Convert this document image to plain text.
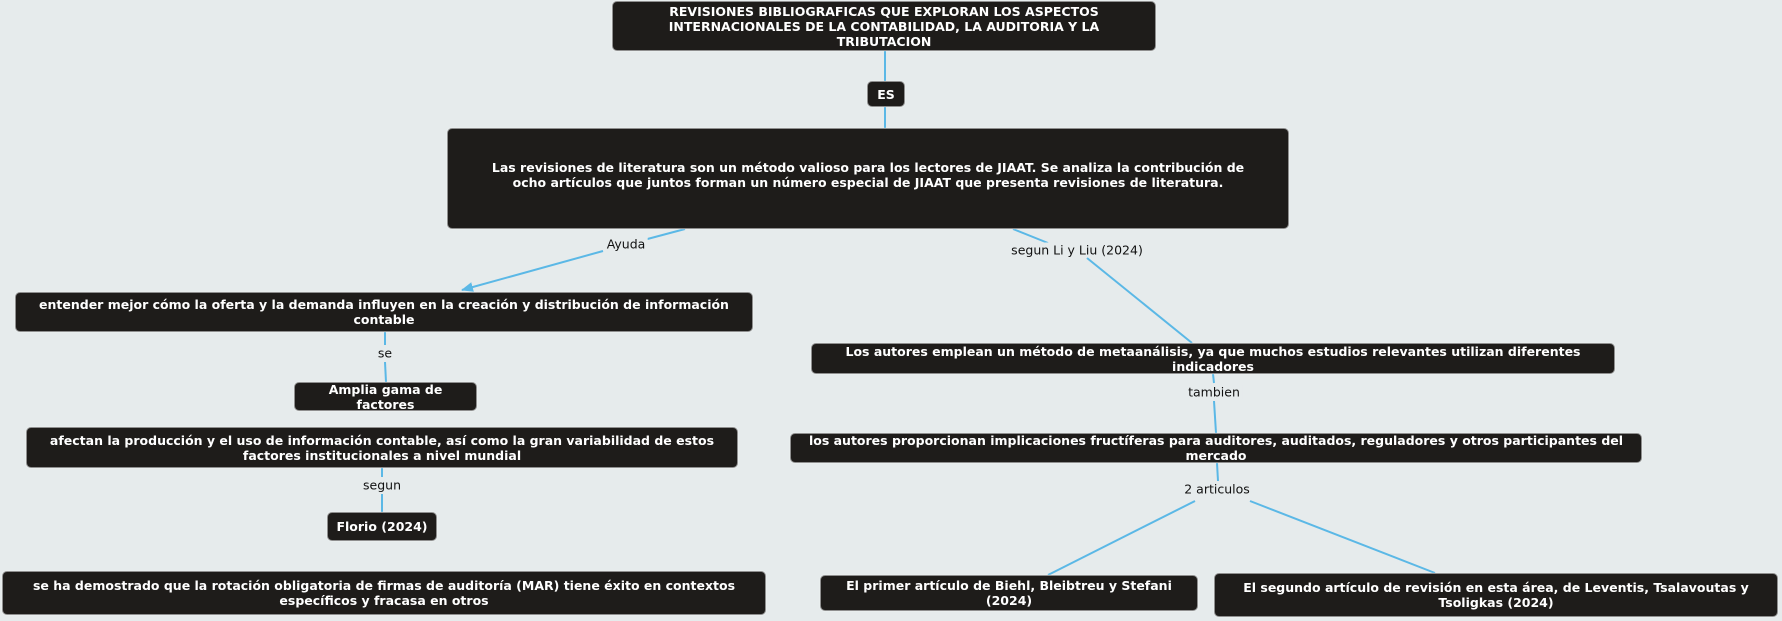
REVISIONES BIBLIOGRAFICAS QUE EXPLORAN LOS ASPECTOS INTERNACIONALES DE LA CONTABILIDAD, LA AUDITORIA Y LA TRIBUTACION
ES
Las revisiones de literatura son un método valioso para los lectores de JIAAT. Se analiza la contribución de ocho artículos que juntos forman un número especial de JIAAT que presenta revisiones de literatura.
Ayuda	segun Li y Liu (2024)
entender mejor cómo la oferta y la demanda influyen en la creación y distribución de información contable
se
Amplia gama de factores
afectan la producción y el uso de información contable, así como la gran variabilidad de estos factores institucionales a nivel mundial
segun
Florio (2024)
se ha demostrado que la rotación obligatoria de firmas de auditoría (MAR) tiene éxito en contextos específicos y fracasa en otros
Los autores emplean un método de metaanálisis, ya que muchos estudios relevantes utilizan diferentes indicadores
tambien
los autores proporcionan implicaciones fructíferas para auditores, auditados, reguladores y otros participantes del mercado
2 articulos
El primer artículo de Biehl, Bleibtreu y Stefani (2024)
El segundo artículo de revisión en esta área, de Leventis, Tsalavoutas y Tsoligkas (2024)
